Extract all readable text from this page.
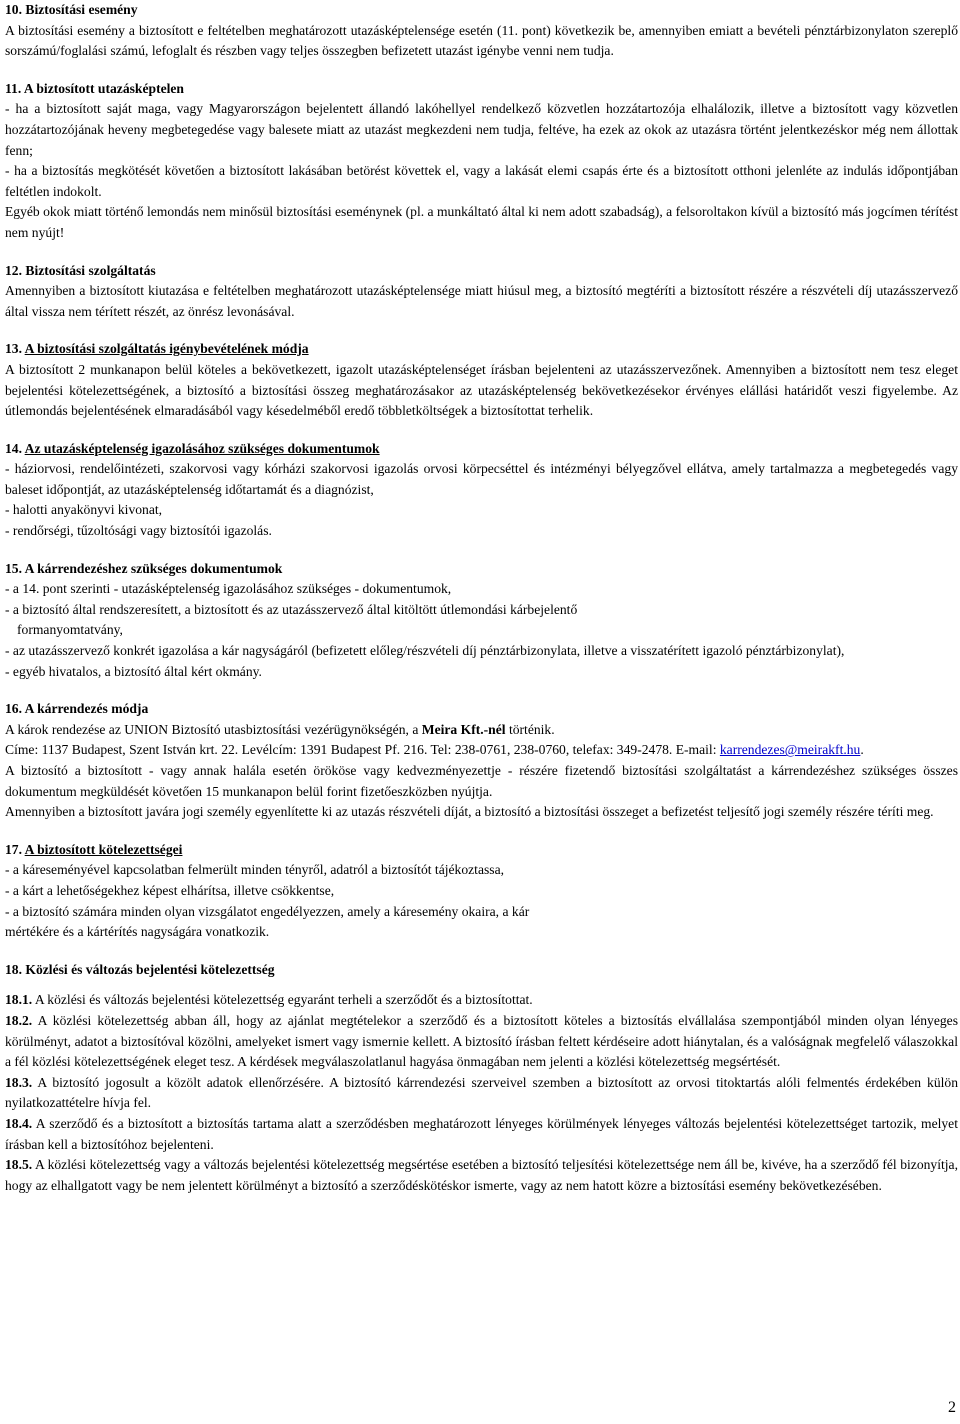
10. Biztosítási esemény

A biztosítási esemény a biztosított e feltételben meghatározott utazásképtelensége esetén (11. pont) következik be, amennyiben emiatt a bevételi pénztárbizonylaton szereplő sorszámú/foglalási számú, lefoglalt és részben vagy teljes összegben befizetett utazást igénybe venni nem tudja.

11. A biztosított utazásképtelen

- ha a biztosított saját maga, vagy Magyarországon bejelentett állandó lakóhellyel rendelkező közvetlen hozzátartozója elhalálozik, illetve a biztosított vagy közvetlen hozzátartozójának heveny megbetegedése vagy balesete miatt az utazást megkezdeni nem tudja, feltéve, ha ezek az okok az utazásra történt jelentkezéskor még nem állottak fenn;

- ha a biztosítás megkötését követően a biztosított lakásában betörést követtek el, vagy a lakását elemi csapás érte és a biztosított otthoni jelenléte az indulás időpontjában feltétlen indokolt.

Egyéb okok miatt történő lemondás nem minősül biztosítási eseménynek (pl. a munkáltató által ki nem adott szabadság), a felsoroltakon kívül a biztosító más jogcímen térítést nem nyújt!

12. Biztosítási szolgáltatás

Amennyiben a biztosított kiutazása e feltételben meghatározott utazásképtelensége miatt hiúsul meg, a biztosító megtéríti a biztosított részére a részvételi díj utazásszervező által vissza nem térített részét, az önrész levonásával.

13. A biztosítási szolgáltatás igénybevételének módja

A biztosított 2 munkanapon belül köteles a bekövetkezett, igazolt utazásképtelenséget írásban bejelenteni az utazásszervezőnek. Amennyiben a biztosított nem tesz eleget bejelentési kötelezettségének, a biztosító a biztosítási összeg meghatározásakor az utazásképtelenség bekövetkezésekor érvényes elállási határidőt veszi figyelembe. Az útlemondás bejelentésének elmaradásából vagy késedelméből eredő többletköltségek a biztosítottat terhelik.

14. Az utazásképtelenség igazolásához szükséges dokumentumok

- háziorvosi, rendelőintézeti, szakorvosi vagy kórházi szakorvosi igazolás orvosi körpecséttel és intézményi bélyegzővel ellátva, amely tartalmazza a megbetegedés vagy baleset időpontját, az utazásképtelenség időtartamát és a diagnózist,

- halotti anyakönyvi kivonat,

- rendőrségi, tűzoltósági vagy biztosítói igazolás.

15. A kárrendezéshez szükséges dokumentumok

- a 14. pont szerinti - utazásképtelenség igazolásához szükséges - dokumentumok,

- a biztosító által rendszeresített, a biztosított és az utazásszervező által kitöltött útlemondási kárbejelentő

formanyomtatvány,

- az utazásszervező konkrét igazolása a kár nagyságáról (befizetett előleg/részvételi díj pénztárbizonylata, illetve a visszatérített igazoló pénztárbizonylat),

- egyéb hivatalos, a biztosító által kért okmány.

16. A kárrendezés módja

A károk rendezése az UNION Biztosító utasbiztosítási vezérügynökségén, a Meira Kft.-nél történik.

Címe: 1137 Budapest, Szent István krt. 22. Levélcím: 1391 Budapest Pf. 216. Tel: 238-0761, 238-0760, telefax: 349-2478. E-mail: karrendezes@meirakft.hu.

A biztosító a biztosított - vagy annak halála esetén örököse vagy kedvezményezettje - részére fizetendő biztosítási szolgáltatást a kárrendezéshez szükséges összes dokumentum megküldését követően 15 munkanapon belül forint fizetőeszközben nyújtja.

Amennyiben a biztosított javára jogi személy egyenlítette ki az utazás részvételi díját, a biztosító a biztosítási összeget a befizetést teljesítő jogi személy részére téríti meg.

17. A biztosított kötelezettségei

- a káreseményével kapcsolatban felmerült minden tényről, adatról a biztosítót tájékoztassa,

- a kárt a lehetőségekhez képest elhárítsa, illetve csökkentse,

- a biztosító számára minden olyan vizsgálatot engedélyezzen, amely a káresemény okaira, a kár

mértékére és a kártérítés nagyságára vonatkozik.

18. Közlési és változás bejelentési kötelezettség

18.1. A közlési és változás bejelentési kötelezettség egyaránt terheli a szerződőt és a biztosítottat.

18.2. A közlési kötelezettség abban áll, hogy az ajánlat megtételekor a szerződő és a biztosított köteles a biztosítás elvállalása szempontjából minden olyan lényeges körülményt, adatot a biztosítóval közölni, amelyeket ismert vagy ismernie kellett. A biztosító írásban feltett kérdéseire adott hiánytalan, és a valóságnak megfelelő válaszokkal a fél közlési kötelezettségének eleget tesz. A kérdések megválaszolatlanul hagyása önmagában nem jelenti a közlési kötelezettség megsértését.

18.3. A biztosító jogosult a közölt adatok ellenőrzésére. A biztosító kárrendezési szerveivel szemben a biztosított az orvosi titoktartás alóli felmentés érdekében külön nyilatkozattételre hívja fel.

18.4. A szerződő és a biztosított a biztosítás tartama alatt a szerződésben meghatározott lényeges körülmények lényeges változás bejelentési kötelezettséget tartozik, melyet írásban kell a biztosítóhoz bejelenteni.

18.5. A közlési kötelezettség vagy a változás bejelentési kötelezettség megsértése esetében a biztosító teljesítési kötelezettsége nem áll be, kivéve, ha a szerződő fél bizonyítja, hogy az elhallgatott vagy be nem jelentett körülményt a biztosító a szerződéskötéskor ismerte, vagy az nem hatott közre a biztosítási esemény bekövetkezésében.

2
